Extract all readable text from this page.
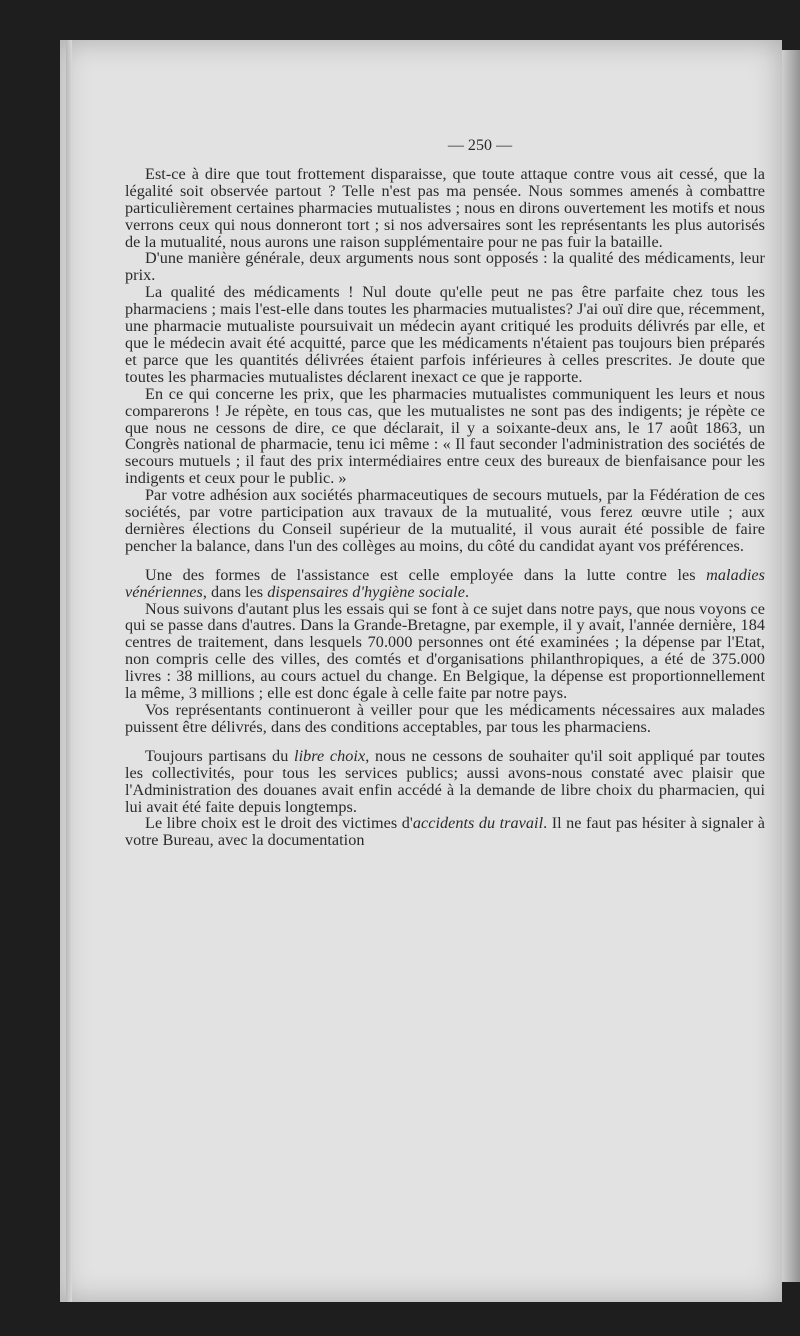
— 250 —

Est-ce à dire que tout frottement disparaisse, que toute attaque contre vous ait cessé, que la légalité soit observée partout ? Telle n'est pas ma pensée. Nous sommes amenés à combattre particulièrement certaines pharmacies mutualistes ; nous en dirons ouvertement les motifs et nous verrons ceux qui nous donneront tort ; si nos adversaires sont les représentants les plus autorisés de la mutualité, nous aurons une raison supplémentaire pour ne pas fuir la bataille.

D'une manière générale, deux arguments nous sont opposés : la qualité des médicaments, leur prix.

La qualité des médicaments ! Nul doute qu'elle peut ne pas être parfaite chez tous les pharmaciens ; mais l'est-elle dans toutes les pharmacies mutualistes? J'ai ouï dire que, récemment, une pharmacie mutualiste poursuivait un médecin ayant critiqué les produits délivrés par elle, et que le médecin avait été acquitté, parce que les médicaments n'étaient pas toujours bien préparés et parce que les quantités délivrées étaient parfois inférieures à celles prescrites. Je doute que toutes les pharmacies mutualistes déclarent inexact ce que je rapporte.

En ce qui concerne les prix, que les pharmacies mutualistes communiquent les leurs et nous comparerons ! Je répète, en tous cas, que les mutualistes ne sont pas des indigents; je répète ce que nous ne cessons de dire, ce que déclarait, il y a soixante-deux ans, le 17 août 1863, un Congrès national de pharmacie, tenu ici même : « Il faut seconder l'administration des sociétés de secours mutuels ; il faut des prix intermédiaires entre ceux des bureaux de bienfaisance pour les indigents et ceux pour le public. »

Par votre adhésion aux sociétés pharmaceutiques de secours mutuels, par la Fédération de ces sociétés, par votre participation aux travaux de la mutualité, vous ferez œuvre utile ; aux dernières élections du Conseil supérieur de la mutualité, il vous aurait été possible de faire pencher la balance, dans l'un des collèges au moins, du côté du candidat ayant vos préférences.

Une des formes de l'assistance est celle employée dans la lutte contre les maladies vénériennes, dans les dispensaires d'hygiène sociale.

Nous suivons d'autant plus les essais qui se font à ce sujet dans notre pays, que nous voyons ce qui se passe dans d'autres. Dans la Grande-Bretagne, par exemple, il y avait, l'année dernière, 184 centres de traitement, dans lesquels 70.000 personnes ont été examinées ; la dépense par l'Etat, non compris celle des villes, des comtés et d'organisations philanthropiques, a été de 375.000 livres : 38 millions, au cours actuel du change. En Belgique, la dépense est proportionnellement la même, 3 millions ; elle est donc égale à celle faite par notre pays.

Vos représentants continueront à veiller pour que les médicaments nécessaires aux malades puissent être délivrés, dans des conditions acceptables, par tous les pharmaciens.

Toujours partisans du libre choix, nous ne cessons de souhaiter qu'il soit appliqué par toutes les collectivités, pour tous les services publics; aussi avons-nous constaté avec plaisir que l'Administration des douanes avait enfin accédé à la demande de libre choix du pharmacien, qui lui avait été faite depuis longtemps.

Le libre choix est le droit des victimes d'accidents du travail. Il ne faut pas hésiter à signaler à votre Bureau, avec la documentation
